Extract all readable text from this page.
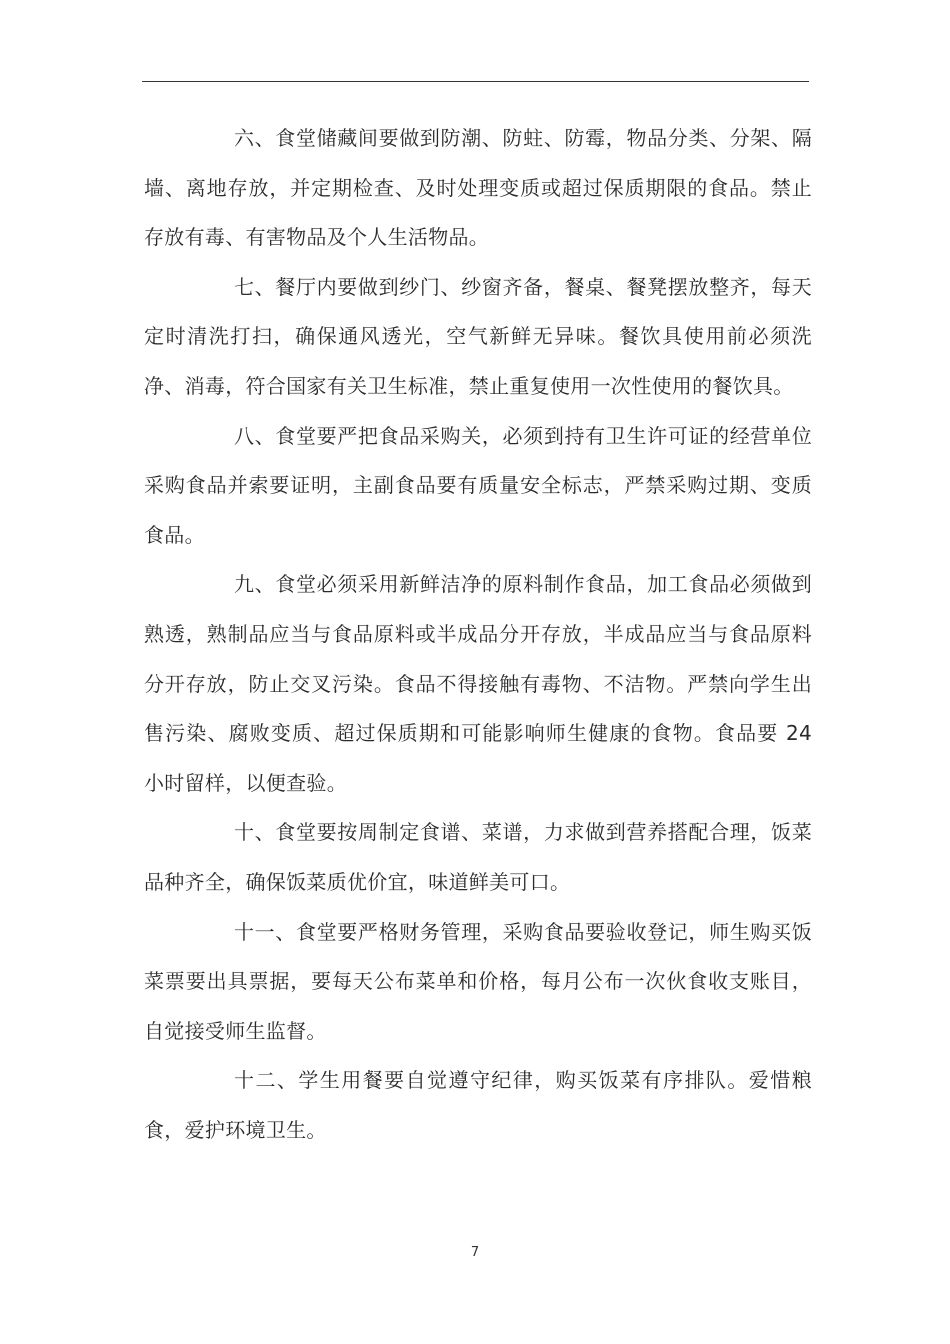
六、食堂储藏间要做到防潮、防蛀、防霉，物品分类、分架、隔墙、离地存放，并定期检查、及时处理变质或超过保质期限的食品。禁止存放有毒、有害物品及个人生活物品。

七、餐厅内要做到纱门、纱窗齐备，餐桌、餐凳摆放整齐，每天定时清洗打扫，确保通风透光，空气新鲜无异味。餐饮具使用前必须洗净、消毒，符合国家有关卫生标准，禁止重复使用一次性使用的餐饮具。

八、食堂要严把食品采购关，必须到持有卫生许可证的经营单位采购食品并索要证明，主副食品要有质量安全标志，严禁采购过期、变质食品。

九、食堂必须采用新鲜洁净的原料制作食品，加工食品必须做到熟透，熟制品应当与食品原料或半成品分开存放，半成品应当与食品原料分开存放，防止交叉污染。食品不得接触有毒物、不洁物。严禁向学生出售污染、腐败变质、超过保质期和可能影响师生健康的食物。食品要 24 小时留样，以便查验。

十、食堂要按周制定食谱、菜谱，力求做到营养搭配合理，饭菜品种齐全，确保饭菜质优价宜，味道鲜美可口。

十一、食堂要严格财务管理，采购食品要验收登记，师生购买饭菜票要出具票据，要每天公布菜单和价格，每月公布一次伙食收支账目，自觉接受师生监督。

十二、学生用餐要自觉遵守纪律，购买饭菜有序排队。爱惜粮食，爱护环境卫生。

7
